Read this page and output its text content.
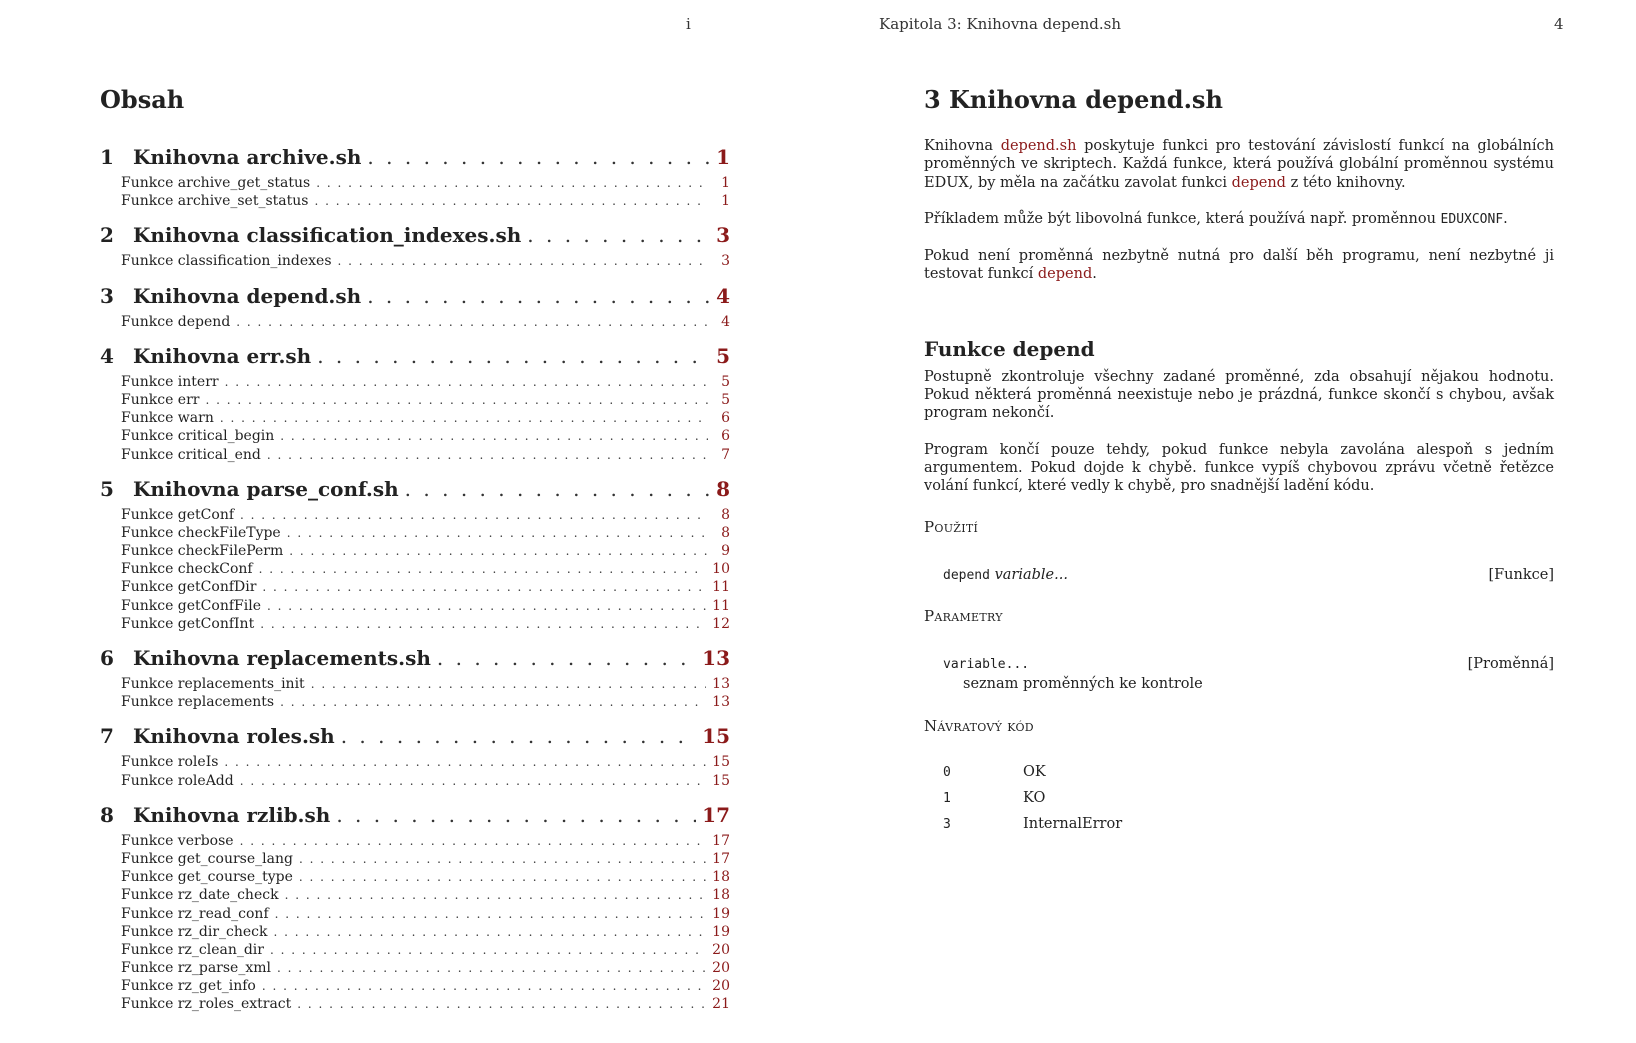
i
Obsah
1 Knihovna archive.sh . . .	1
Funkce archive_get_status . . .	1
Funkce archive_set_status . . .	1
2 Knihovna classification_indexes.sh . . .	3
Funkce classification_indexes . . .	3
3 Knihovna depend.sh . . .	4
Funkce depend . . .	4
4 Knihovna err.sh . . .	5
Funkce interr . . .	5
Funkce err . . .	5
Funkce warn . . .	6
Funkce critical_begin . . .	6
Funkce critical_end . . .	7
5 Knihovna parse_conf.sh . . .	8
Funkce getConf . . .	8
Funkce checkFileType . . .	8
Funkce checkFilePerm . . .	9
Funkce checkConf . . .	10
Funkce getConfDir . . .	11
Funkce getConfFile . . .	11
Funkce getConfInt . . .	12
6 Knihovna replacements.sh . . .	13
Funkce replacements_init . . .	13
Funkce replacements . . .	13
7 Knihovna roles.sh . . .	15
Funkce roleIs . . .	15
Funkce roleAdd . . .	15
8 Knihovna rzlib.sh . . .	17
Funkce verbose . . .	17
Funkce get_course_lang . . .	17
Funkce get_course_type . . .	18
Funkce rz_date_check . . .	18
Funkce rz_read_conf . . .	19
Funkce rz_dir_check . . .	19
Funkce rz_clean_dir . . .	20
Funkce rz_parse_xml . . .	20
Funkce rz_get_info . . .	20
Funkce rz_roles_extract . . .	21
Kapitola 3: Knihovna depend.sh	4
3 Knihovna depend.sh

Knihovna depend.sh poskytuje funkci pro testování závislostí funkcí na globálních proměnných ve skriptech. Každá funkce, která používá globální proměnnou systému EDUX, by měla na začátku zavolat funkci depend z této knihovny.

Příkladem může být libovolná funkce, která používá např. proměnnou EDUXCONF.

Pokud není proměnná nezbytně nutná pro další běh programu, není nezbytné ji testovat funkcí depend.

Funkce depend

Postupně zkontroluje všechny zadané proměnné, zda obsahují nějakou hodnotu. Pokud některá proměnná neexistuje nebo je prázdná, funkce skončí s chybou, avšak program nekončí.

Program končí pouze tehdy, pokud funkce nebyla zavolána alespoň s jedním argumentem. Pokud dojde k chybě. funkce vypíš chybovou zprávu včetně řetězce volání funkcí, které vedly k chybě, pro snadnější ladění kódu.

Použití
depend variable...	[Funkce]
Parametry
variable...	[Proměnná]
seznam proměnných ke kontrole
Návratový kód
0	OK
1	KO
3	InternalError
